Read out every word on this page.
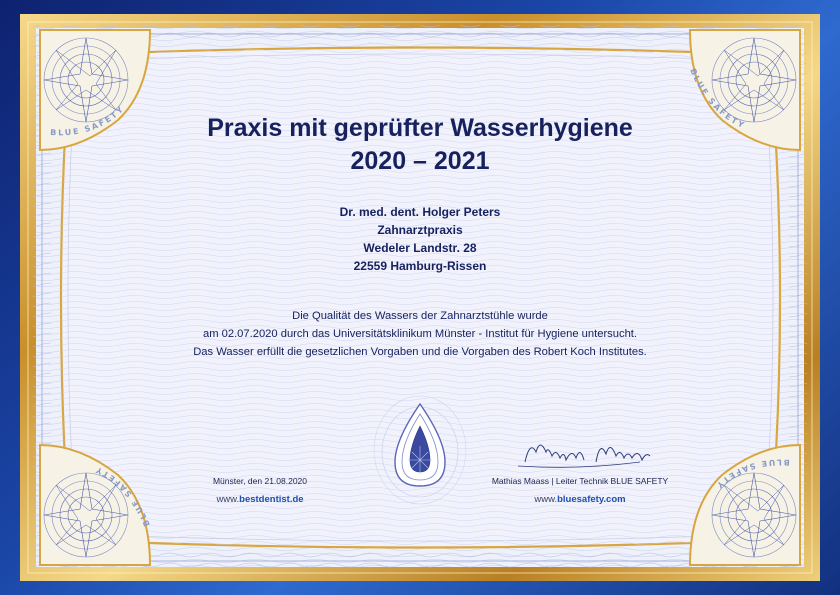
BLUE SAFETY
BLUE SAFETY
BLUE SAFETY
BLUE SAFETY
Praxis mit geprüfter Wasserhygiene
2020 – 2021
Dr. med. dent. Holger Peters
Zahnarztpraxis
Wedeler Landstr. 28
22559 Hamburg-Rissen
Die Qualität des Wassers der Zahnarztstühle wurde
am 02.07.2020 durch das Universitätsklinikum Münster - Institut für Hygiene untersucht.
Das Wasser erfüllt die gesetzlichen Vorgaben und die Vorgaben des Robert Koch Institutes.
Münster, den 21.08.2020
www.bestdentist.de
Mathias Maass | Leiter Technik BLUE SAFETY
www.bluesafety.com
